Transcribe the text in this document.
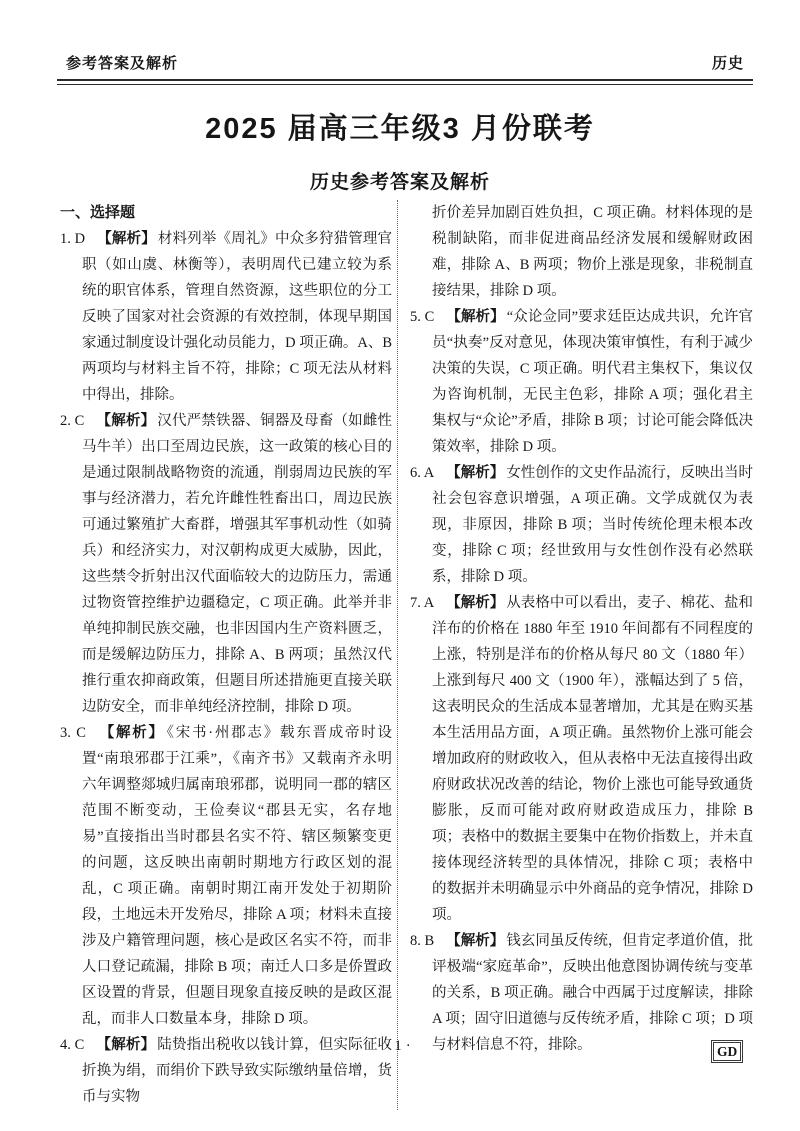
参考答案及解析	历史
2025 届高三年级3 月份联考
历史参考答案及解析
一、选择题
1. D 【解析】 材料列举《周礼》中众多狩猎管理官职（如山虞、林衡等），表明周代已建立较为系统的职官体系，管理自然资源，这些职位的分工反映了国家对社会资源的有效控制，体现早期国家通过制度设计强化动员能力，D 项正确。A、B 两项均与材料主旨不符，排除；C 项无法从材料中得出，排除。
2. C 【解析】 汉代严禁铁器、铜器及母畜（如雌性马牛羊）出口至周边民族，这一政策的核心目的是通过限制战略物资的流通，削弱周边民族的军事与经济潜力，若允许雌性牲畜出口，周边民族可通过繁殖扩大畜群，增强其军事机动性（如骑兵）和经济实力，对汉朝构成更大威胁，因此，这些禁令折射出汉代面临较大的边防压力，需通过物资管控维护边疆稳定，C 项正确。此举并非单纯抑制民族交融，也非因国内生产资料匮乏，而是缓解边防压力，排除 A、B 两项；虽然汉代推行重农抑商政策，但题目所述措施更直接关联边防安全，而非单纯经济控制，排除 D 项。
3. C 【解析】 《宋书·州郡志》载东晋成帝时设置“南琅邪郡于江乘”，《南齐书》又载南齐永明六年调整郯城归属南琅邪郡，说明同一郡的辖区范围不断变动，王俭奏议“郡县无实，名存地易”直接指出当时郡县名实不符、辖区频繁变更的问题，这反映出南朝时期地方行政区划的混乱，C 项正确。南朝时期江南开发处于初期阶段，土地远未开发殆尽，排除 A 项；材料未直接涉及户籍管理问题，核心是政区名实不符，而非人口登记疏漏，排除 B 项；南迁人口多是侨置政区设置的背景，但题目现象直接反映的是政区混乱，而非人口数量本身，排除 D 项。
4. C 【解析】 陆贽指出税收以钱计算，但实际征收折换为绢，而绢价下跌导致实际缴纳量倍增，货币与实物
折价差异加剧百姓负担，C 项正确。材料体现的是税制缺陷，而非促进商品经济发展和缓解财政困难，排除 A、B 两项；物价上涨是现象，非税制直接结果，排除 D 项。
5. C 【解析】 “众论佥同”要求廷臣达成共识，允许官员“执奏”反对意见，体现决策审慎性，有利于减少决策的失误，C 项正确。明代君主集权下，集议仅为咨询机制，无民主色彩，排除 A 项；强化君主集权与“众论”矛盾，排除 B 项；讨论可能会降低决策效率，排除 D 项。
6. A 【解析】 女性创作的文史作品流行，反映出当时社会包容意识增强，A 项正确。文学成就仅为表现，非原因，排除 B 项；当时传统伦理未根本改变，排除 C 项；经世致用与女性创作没有必然联系，排除 D 项。
7. A 【解析】 从表格中可以看出，麦子、棉花、盐和洋布的价格在 1880 年至 1910 年间都有不同程度的上涨，特别是洋布的价格从每尺 80 文（1880 年）上涨到每尺 400 文（1900 年），涨幅达到了 5 倍，这表明民众的生活成本显著增加，尤其是在购买基本生活用品方面，A 项正确。虽然物价上涨可能会增加政府的财政收入，但从表格中无法直接得出政府财政状况改善的结论，物价上涨也可能导致通货膨胀，反而可能对政府财政造成压力，排除 B 项；表格中的数据主要集中在物价指数上，并未直接体现经济转型的具体情况，排除 C 项；表格中的数据并未明确显示中外商品的竞争情况，排除 D 项。
8. B 【解析】 钱玄同虽反传统，但肯定孝道价值，批评极端“家庭革命”，反映出他意图协调传统与变革的关系，B 项正确。融合中西属于过度解读，排除 A 项；固守旧道德与反传统矛盾，排除 C 项；D 项与材料信息不符，排除。
·1·	GD
